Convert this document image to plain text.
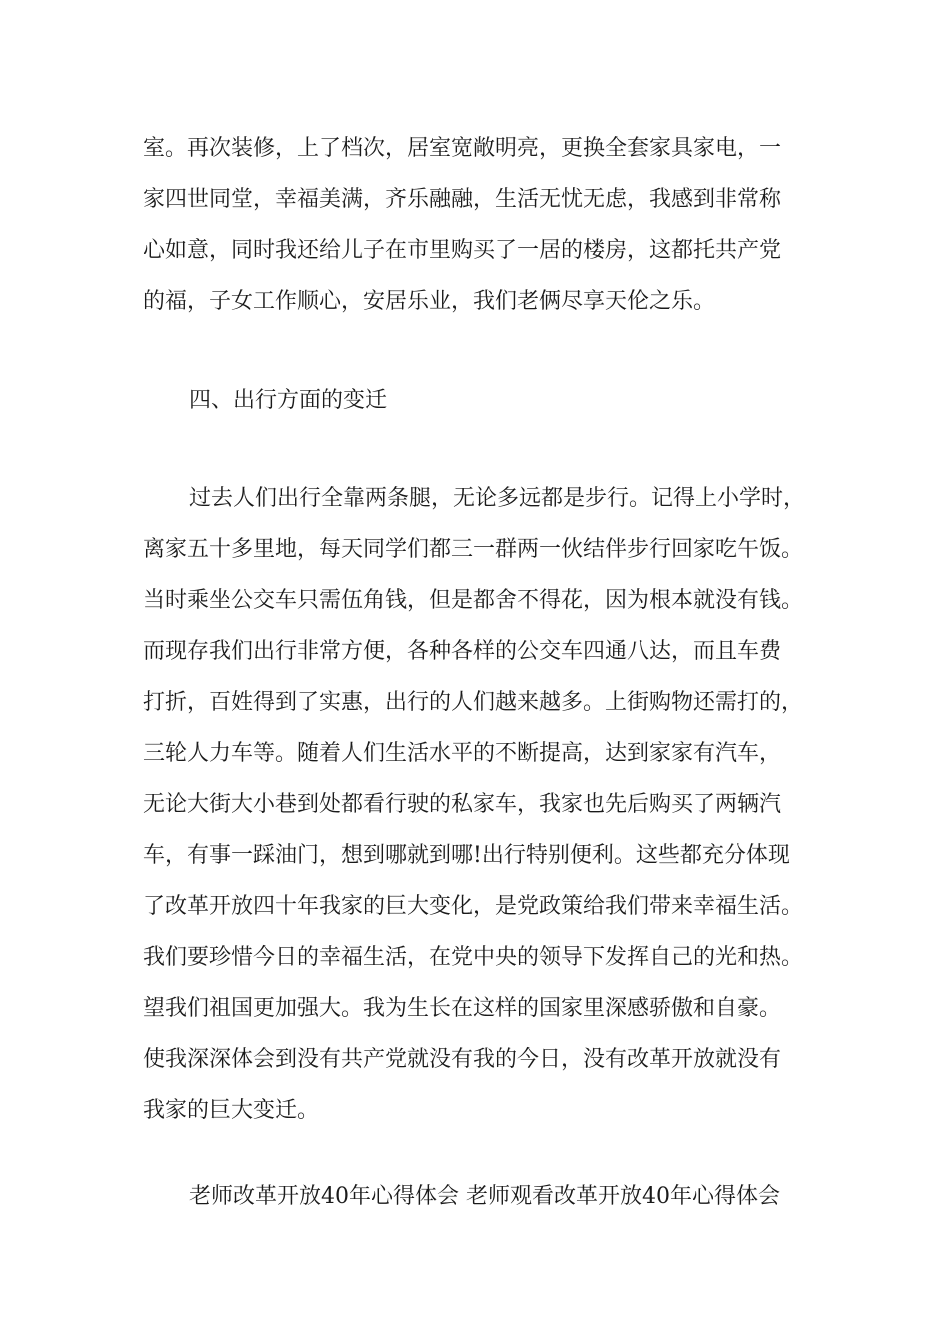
室。再次装修，上了档次，居室宽敞明亮，更换全套家具家电，一

家四世同堂，幸福美满，齐乐融融，生活无忧无虑，我感到非常称

心如意，同时我还给儿子在市里购买了一居的楼房，这都托共产党

的福，子女工作顺心，安居乐业，我们老俩尽享天伦之乐。

四、出行方面的变迁

过去人们出行全靠两条腿，无论多远都是步行。记得上小学时，

离家五十多里地，每天同学们都三一群两一伙结伴步行回家吃午饭。

当时乘坐公交车只需伍角钱，但是都舍不得花，因为根本就没有钱。

而现存我们出行非常方便，各种各样的公交车四通八达，而且车费

打折，百姓得到了实惠，出行的人们越来越多。上街购物还需打的，

三轮人力车等。随着人们生活水平的不断提高，达到家家有汽车，

无论大街大小巷到处都看行驶的私家车，我家也先后购买了两辆汽

车，有事一踩油门，想到哪就到哪!出行特别便利。这些都充分体现

了改革开放四十年我家的巨大变化，是党政策给我们带来幸福生活。

我们要珍惜今日的幸福生活，在党中央的领导下发挥自己的光和热。

望我们祖国更加强大。我为生长在这样的国家里深感骄傲和自豪。

使我深深体会到没有共产党就没有我的今日，没有改革开放就没有

我家的巨大变迁。

老师改革开放40年心得体会 老师观看改革开放40年心得体会
